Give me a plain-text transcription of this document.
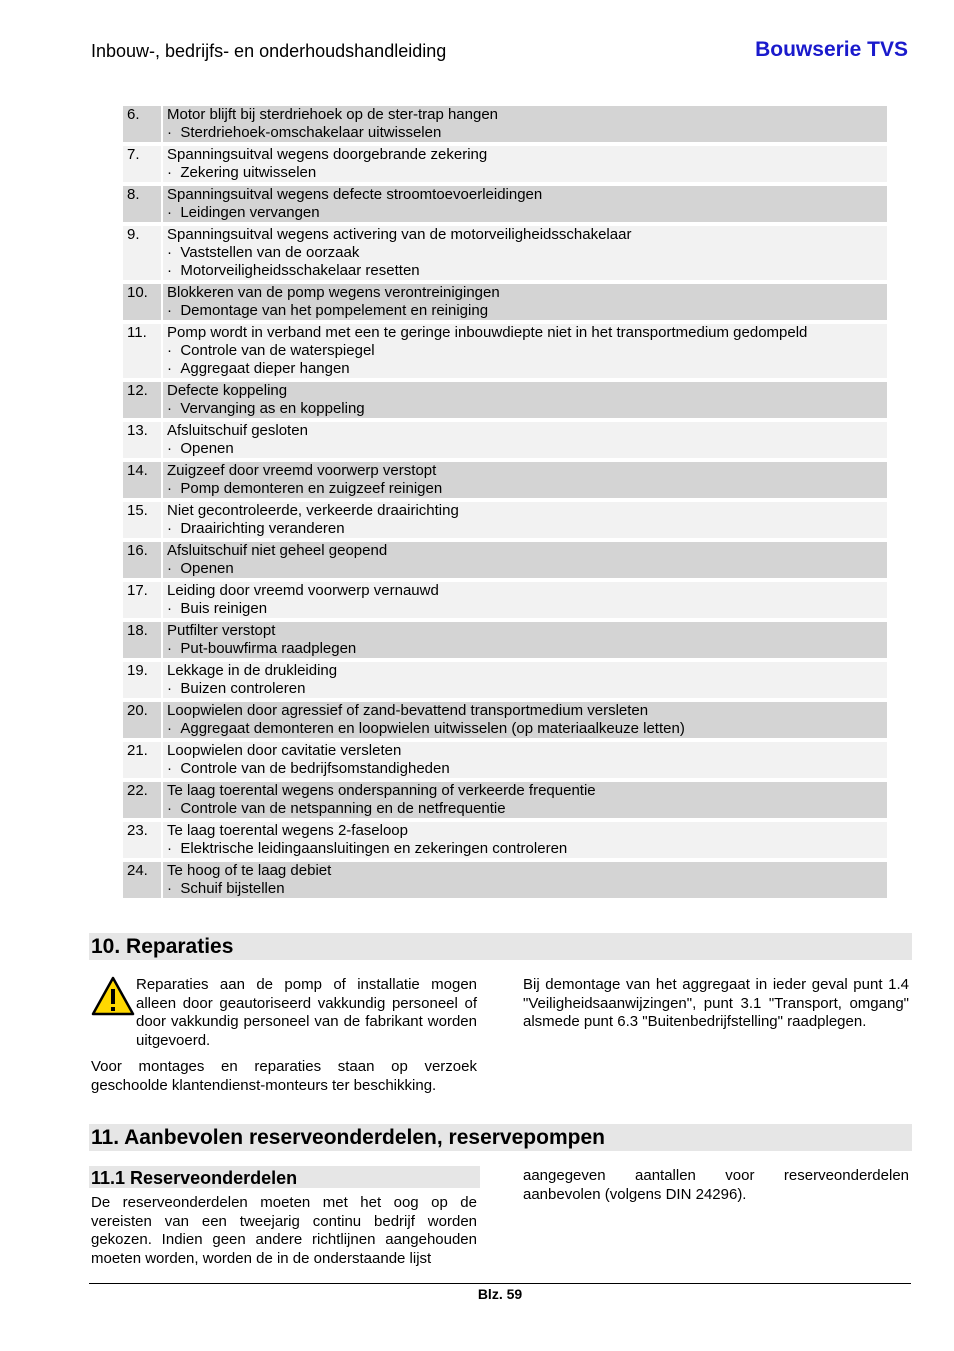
Inbouw-, bedrijfs- en onderhoudshandleiding	Bouwserie TVS
6.	Motor blijft bij sterdriehoek op de ster-trap hangen
·  Sterdriehoek-omschakelaar uitwisselen

7.	Spanningsuitval wegens doorgebrande zekering
·  Zekering uitwisselen

8.	Spanningsuitval wegens defecte stroomtoevoerleidingen
·  Leidingen vervangen

9.	Spanningsuitval wegens activering van de motorveiligheidsschakelaar
·  Vaststellen van de oorzaak
·  Motorveiligheidsschakelaar resetten

10.	Blokkeren van de pomp wegens verontreinigingen
·  Demontage van het pompelement en reiniging

11.	Pomp wordt in verband met een te geringe inbouwdiepte niet in het transportmedium gedompeld
·  Controle van de waterspiegel
·  Aggregaat dieper hangen

12.	Defecte koppeling
·  Vervanging as en koppeling

13.	Afsluitschuif gesloten
·  Openen

14.	Zuigzeef door vreemd voorwerp verstopt
·  Pomp demonteren en zuigzeef reinigen

15.	Niet gecontroleerde, verkeerde draairichting
·  Draairichting veranderen

16.	Afsluitschuif niet geheel geopend
·  Openen

17.	Leiding door vreemd voorwerp vernauwd
·  Buis reinigen

18.	Putfilter verstopt
·  Put-bouwfirma raadplegen

19.	Lekkage in de drukleiding
·  Buizen controleren

20.	Loopwielen door agressief of zand-bevattend transportmedium versleten
·  Aggregaat demonteren en loopwielen uitwisselen (op materiaalkeuze letten)

21.	Loopwielen door cavitatie versleten
·  Controle van de bedrijfsomstandigheden

22.	Te laag toerental wegens onderspanning of verkeerde frequentie
·  Controle van de netspanning en de netfrequentie

23.	Te laag toerental wegens 2-faseloop
·  Elektrische leidingaansluitingen en zekeringen controleren

24.	Te hoog of te laag debiet
·  Schuif bijstellen
10. Reparaties
Reparaties aan de pomp of installatie mogen alleen door geautoriseerd vakkundig personeel of door vakkundig personeel van de fabrikant worden uitgevoerd.
Voor montages en reparaties staan op verzoek geschoolde klantendienst-monteurs ter beschikking.
Bij demontage van het aggregaat in ieder geval punt 1.4 "Veiligheidsaanwijzingen", punt 3.1 "Transport, omgang" alsmede punt 6.3 "Buitenbedrijfstelling" raadplegen.
11. Aanbevolen reserveonderdelen, reservepompen
11.1 Reserveonderdelen
De reserveonderdelen moeten met het oog op de vereisten van een tweejarig continu bedrijf worden gekozen. Indien geen andere richtlijnen aangehouden moeten worden, worden de in de onderstaande lijst
aangegeven aantallen voor reserveonderdelen aanbevolen (volgens DIN 24296).
Blz. 59
